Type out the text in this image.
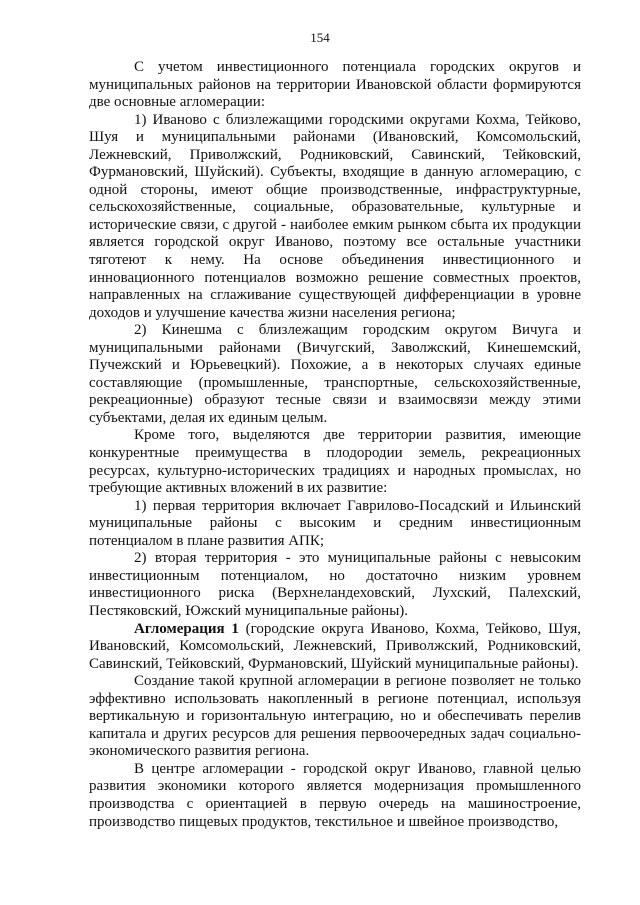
154

С учетом инвестиционного потенциала городских округов и муниципальных районов на территории Ивановской области формируются две основные агломерации:

1) Иваново с близлежащими городскими округами Кохма, Тейково, Шуя и муниципальными районами (Ивановский, Комсомольский, Лежневский, Приволжский, Родниковский, Савинский, Тейковский, Фурмановский, Шуйский). Субъекты, входящие в данную агломерацию, с одной стороны, имеют общие производственные, инфраструктурные, сельскохозяйственные, социальные, образовательные, культурные и исторические связи, с другой - наиболее емким рынком сбыта их продукции является городской округ Иваново, поэтому все остальные участники тяготеют к нему. На основе объединения инвестиционного и инновационного потенциалов возможно решение совместных проектов, направленных на сглаживание существующей дифференциации в уровне доходов и улучшение качества жизни населения региона;

2) Кинешма с близлежащим городским округом Вичуга и муниципальными районами (Вичугский, Заволжский, Кинешемский, Пучежский и Юрьевецкий). Похожие, а в некоторых случаях единые составляющие (промышленные, транспортные, сельскохозяйственные, рекреационные) образуют тесные связи и взаимосвязи между этими субъектами, делая их единым целым.

Кроме того, выделяются две территории развития, имеющие конкурентные преимущества в плодородии земель, рекреационных ресурсах, культурно-исторических традициях и народных промыслах, но требующие активных вложений в их развитие:

1) первая территория включает Гаврилово-Посадский и Ильинский муниципальные районы с высоким и средним инвестиционным потенциалом в плане развития АПК;

2) вторая территория - это муниципальные районы с невысоким инвестиционным потенциалом, но достаточно низким уровнем инвестиционного риска (Верхнеландеховский, Лухский, Палехский, Пестяковский, Южский муниципальные районы).

Агломерация 1 (городские округа Иваново, Кохма, Тейково, Шуя, Ивановский, Комсомольский, Лежневский, Приволжский, Родниковский, Савинский, Тейковский, Фурмановский, Шуйский муниципальные районы).

Создание такой крупной агломерации в регионе позволяет не только эффективно использовать накопленный в регионе потенциал, используя вертикальную и горизонтальную интеграцию, но и обеспечивать перелив капитала и других ресурсов для решения первоочередных задач социально-экономического развития региона.

В центре агломерации - городской округ Иваново, главной целью развития экономики которого является модернизация промышленного производства с ориентацией в первую очередь на машиностроение, производство пищевых продуктов, текстильное и швейное производство,
